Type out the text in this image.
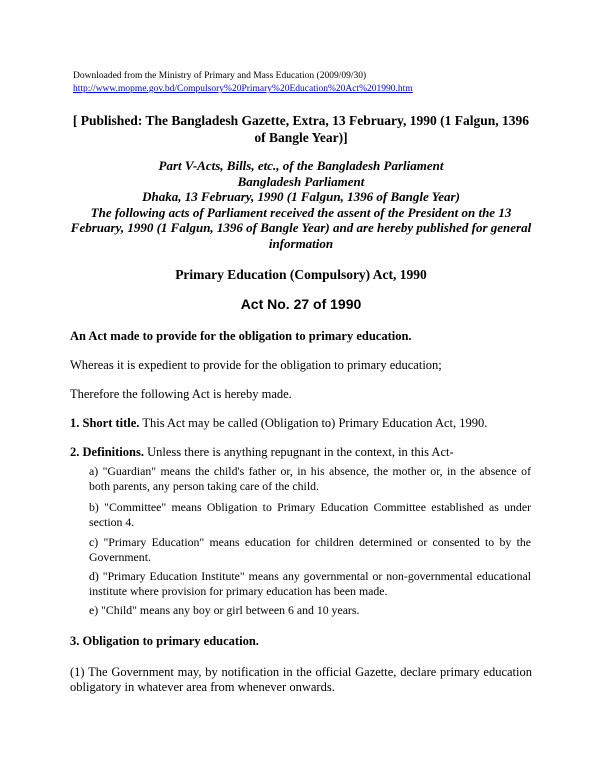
Downloaded from the Ministry of Primary and Mass Education (2009/09/30)
http://www.mopme.gov.bd/Compulsory%20Primary%20Education%20Act%201990.htm
[ Published: The Bangladesh Gazette, Extra, 13 February, 1990 (1 Falgun, 1396 of Bangle Year)]
Part V-Acts, Bills, etc., of the Bangladesh Parliament
Bangladesh Parliament
Dhaka, 13 February, 1990 (1 Falgun, 1396 of Bangle Year)
The following acts of Parliament received the assent of the President on the 13 February, 1990 (1 Falgun, 1396 of Bangle Year) and are hereby published for general information
Primary Education (Compulsory) Act, 1990
Act No. 27 of 1990
An Act made to provide for the obligation to primary education.
Whereas it is expedient to provide for the obligation to primary education;
Therefore the following Act is hereby made.
1. Short title. This Act may be called (Obligation to) Primary Education Act, 1990.
2. Definitions. Unless there is anything repugnant in the context, in this Act-
a) "Guardian" means the child's father or, in his absence, the mother or, in the absence of both parents, any person taking care of the child.
b) "Committee" means Obligation to Primary Education Committee established as under section 4.
c) "Primary Education" means education for children determined or consented to by the Government.
d) "Primary Education Institute" means any governmental or non-governmental educational institute where provision for primary education has been made.
e) "Child" means any boy or girl between 6 and 10 years.
3. Obligation to primary education.
(1) The Government may, by notification in the official Gazette, declare primary education obligatory in whatever area from whenever onwards.
